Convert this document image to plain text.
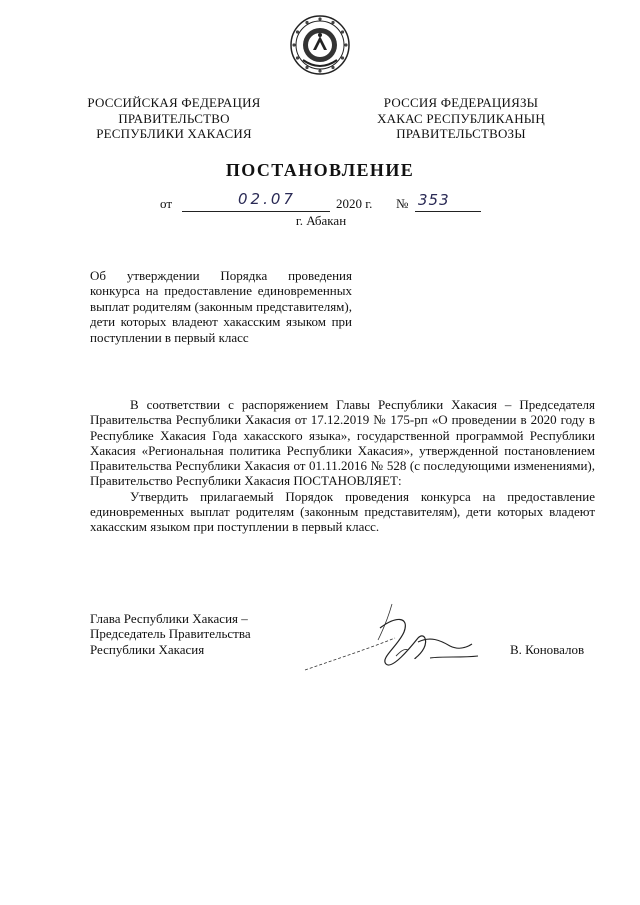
РОССИЙСКАЯ ФЕДЕРАЦИЯ
ПРАВИТЕЛЬСТВО
РЕСПУБЛИКИ ХАКАСИЯ
РОССИЯ ФЕДЕРАЦИЯЗЫ
ХАКАС РЕСПУБЛИКАНЫҢ
ПРАВИТЕЛЬСТВОЗЫ
ПОСТАНОВЛЕНИЕ
от	02.07	2020 г. № 353
г. Абакан
Об утверждении Порядка проведения конкурса на предоставление единовременных выплат родителям (законным представителям), дети которых владеют хакасским языком при поступлении в первый класс

В соответствии с распоряжением Главы Республики Хакасия – Председателя Правительства Республики Хакасия от 17.12.2019 № 175-рп «О проведении в 2020 году в Республике Хакасия Года хакасского языка», государственной программой Республики Хакасия «Региональная политика Республики Хакасия», утвержденной постановлением Правительства Республики Хакасия от 01.11.2016 № 528 (с последующими изменениями), Правительство Республики Хакасия ПОСТАНОВЛЯЕТ:

Утвердить прилагаемый Порядок проведения конкурса на предоставление единовременных выплат родителям (законным представителям), дети которых владеют хакасским языком при поступлении в первый класс.

Глава Республики Хакасия –
Председатель Правительства
Республики Хакасия	В. Коновалов
